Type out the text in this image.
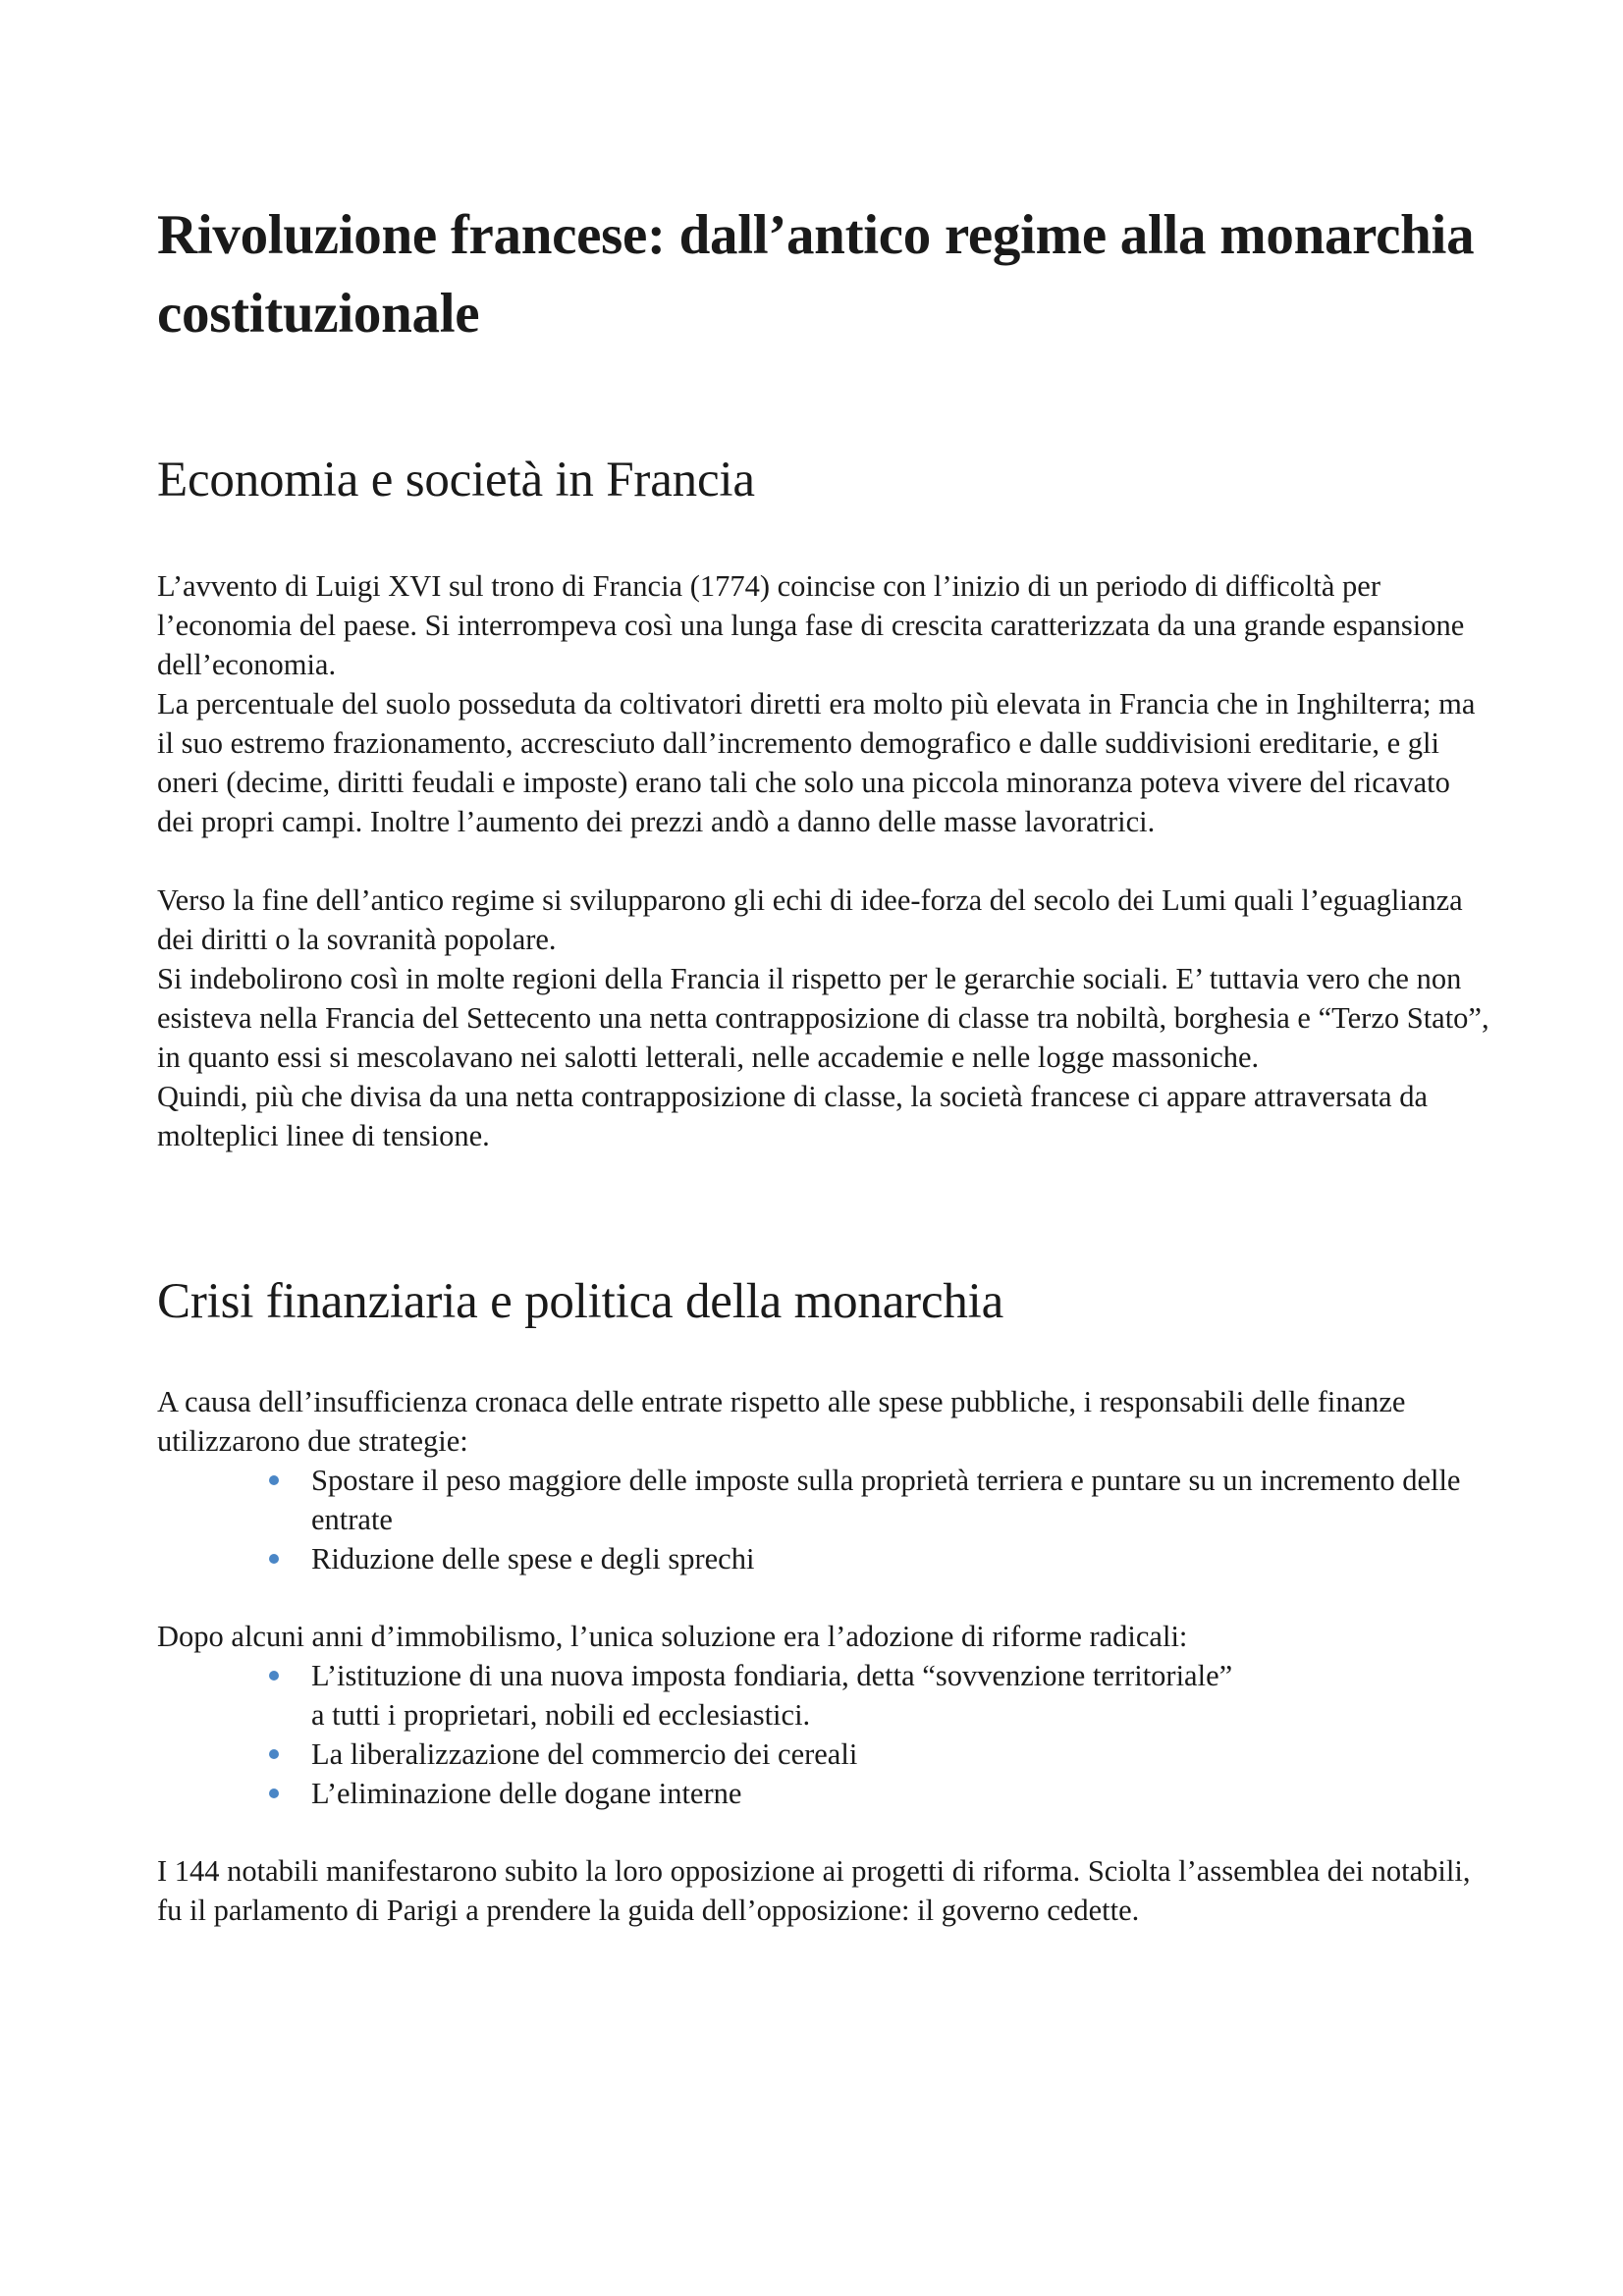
Rivoluzione francese: dall’antico regime alla monarchia costituzionale
Economia e società in Francia

L’avvento di Luigi XVI sul trono di Francia (1774) coincise con l’inizio di un periodo di difficoltà per l’economia del paese. Si interrompeva così una lunga fase di crescita caratterizzata da una grande espansione dell’economia.

La percentuale del suolo posseduta da coltivatori diretti era molto più elevata in Francia che in Inghilterra; ma il suo estremo frazionamento, accresciuto dall’incremento demografico e dalle suddivisioni ereditarie, e gli oneri (decime, diritti feudali e imposte) erano tali che solo una piccola minoranza poteva vivere del ricavato dei propri campi. Inoltre l’aumento dei prezzi andò a danno delle masse lavoratrici.

Verso la fine dell’antico regime si svilupparono gli echi di idee-forza del secolo dei Lumi quali l’eguaglianza dei diritti o la sovranità popolare.

Si indebolirono così in molte regioni della Francia il rispetto per le gerarchie sociali. E’ tuttavia vero che non esisteva nella Francia del Settecento una netta contrapposizione di classe tra nobiltà, borghesia e “Terzo Stato”, in quanto essi si mescolavano nei salotti letterali, nelle accademie e nelle logge massoniche.

Quindi, più che divisa da una netta contrapposizione di classe, la società francese ci appare attraversata da molteplici linee di tensione.

Crisi finanziaria e politica della monarchia

A causa dell’insufficienza cronaca delle entrate rispetto alle spese pubbliche, i responsabili delle finanze utilizzarono due strategie:

Spostare il peso maggiore delle imposte sulla proprietà terriera e puntare su un incremento delle entrate
Riduzione delle spese e degli sprechi

Dopo alcuni anni d’immobilismo, l’unica soluzione era l’adozione di riforme radicali:

L’istituzione di una nuova imposta fondiaria, detta “sovvenzione territoriale”
a tutti i proprietari, nobili ed ecclesiastici.
La liberalizzazione del commercio dei cereali
L’eliminazione delle dogane interne

I 144 notabili manifestarono subito la loro opposizione ai progetti di riforma. Sciolta l’assemblea dei notabili, fu il parlamento di Parigi a prendere la guida dell’opposizione: il governo cedette.
